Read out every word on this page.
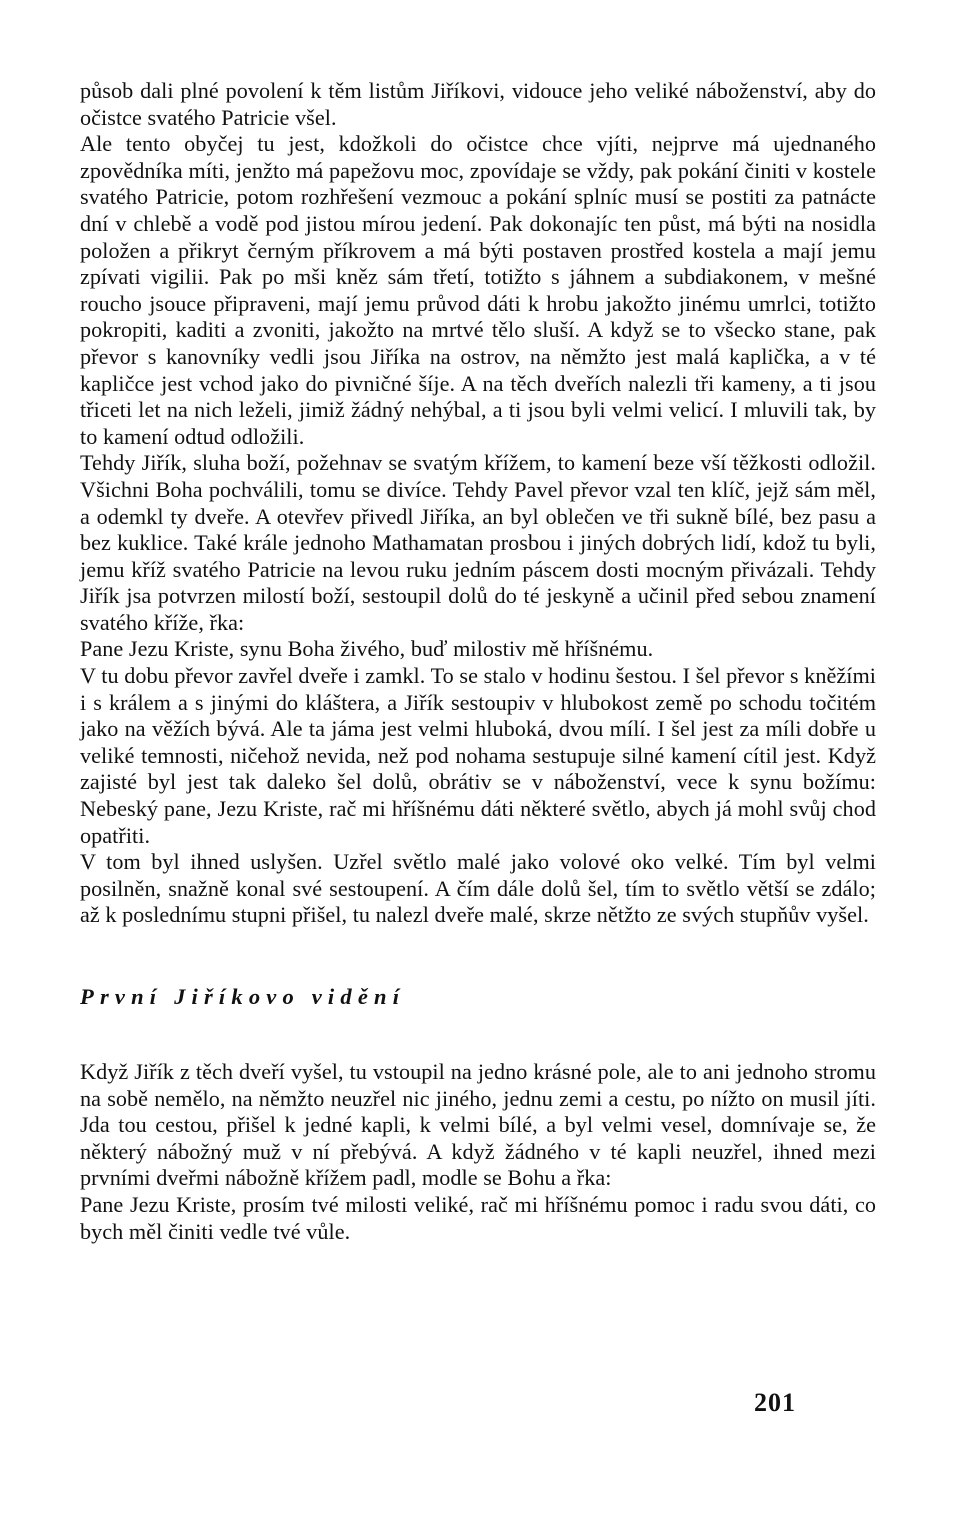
působ dali plné povolení k těm listům Jiříkovi, vidouce jeho veliké náboženství, aby do očistce svatého Patricie všel.

Ale tento obyčej tu jest, kdožkoli do očistce chce vjíti, nejprve má ujednaného zpovědníka míti, jenžto má papežovu moc, zpovídaje se vždy, pak pokání činiti v kostele svatého Patricie, potom rozhřešení vezmouc a pokání splníc musí se postiti za patnácte dní v chlebě a vodě pod jistou mírou jedení. Pak dokonajíc ten půst, má býti na nosidla položen a přikryt černým příkrovem a má býti postaven prostřed kostela a mají jemu zpívati vigilii. Pak po mši kněz sám třetí, totižto s jáhnem a subdiakonem, v mešné roucho jsouce připraveni, mají jemu průvod dáti k hrobu jakožto jinému umrlci, totižto pokropiti, kaditi a zvoniti, jakožto na mrtvé tělo sluší. A když se to všecko stane, pak převor s kanovníky vedli jsou Jiříka na ostrov, na němžto jest malá kaplička, a v té kapličce jest vchod jako do pivničné šíje. A na těch dveřích nalezli tři kameny, a ti jsou třiceti let na nich leželi, jimiž žádný nehýbal, a ti jsou byli velmi velicí. I mluvili tak, by to kamení odtud odložili.

Tehdy Jiřík, sluha boží, požehnav se svatým křížem, to kamení beze vší těžkosti odložil. Všichni Boha pochválili, tomu se divíce. Tehdy Pavel převor vzal ten klíč, jejž sám měl, a odemkl ty dveře. A otevřev přivedl Jiříka, an byl oblečen ve tři sukně bílé, bez pasu a bez kuklice. Také krále jednoho Mathamatan prosbou i jiných dobrých lidí, kdož tu byli, jemu kříž svatého Patricie na levou ruku jedním páscem dosti mocným přivázali. Tehdy Jiřík jsa potvrzen milostí boží, sestoupil dolů do té jeskyně a učinil před sebou znamení svatého kříže, řka:

Pane Jezu Kriste, synu Boha živého, buď milostiv mě hříšnému.

V tu dobu převor zavřel dveře i zamkl. To se stalo v hodinu šestou. I šel převor s kněžími i s králem a s jinými do kláštera, a Jiřík sestoupiv v hlubokost země po schodu točitém jako na věžích bývá. Ale ta jáma jest velmi hluboká, dvou mílí. I šel jest za míli dobře u veliké temnosti, ničehož nevida, než pod nohama sestupuje silné kamení cítil jest. Když zajisté byl jest tak daleko šel dolů, obrátiv se v náboženství, vece k synu božímu: Nebeský pane, Jezu Kriste, rač mi hříšnému dáti některé světlo, abych já mohl svůj chod opatřiti.

V tom byl ihned uslyšen. Uzřel světlo malé jako volové oko velké. Tím byl velmi posilněn, snažně konal své sestoupení. A čím dále dolů šel, tím to světlo větší se zdálo; až k poslednímu stupni přišel, tu nalezl dveře malé, skrze nětžto ze svých stupňův vyšel.

První Jiříkovo vidění

Když Jiřík z těch dveří vyšel, tu vstoupil na jedno krásné pole, ale to ani jednoho stromu na sobě nemělo, na němžto neuzřel nic jiného, jednu zemi a cestu, po nížto on musil jíti. Jda tou cestou, přišel k jedné kapli, k velmi bílé, a byl velmi vesel, domnívaje se, že některý nábožný muž v ní přebývá. A když žádného v té kapli neuzřel, ihned mezi prvními dveřmi nábožně křížem padl, modle se Bohu a řka:

Pane Jezu Kriste, prosím tvé milosti veliké, rač mi hříšnému pomoc i radu svou dáti, co bych měl činiti vedle tvé vůle.

201
